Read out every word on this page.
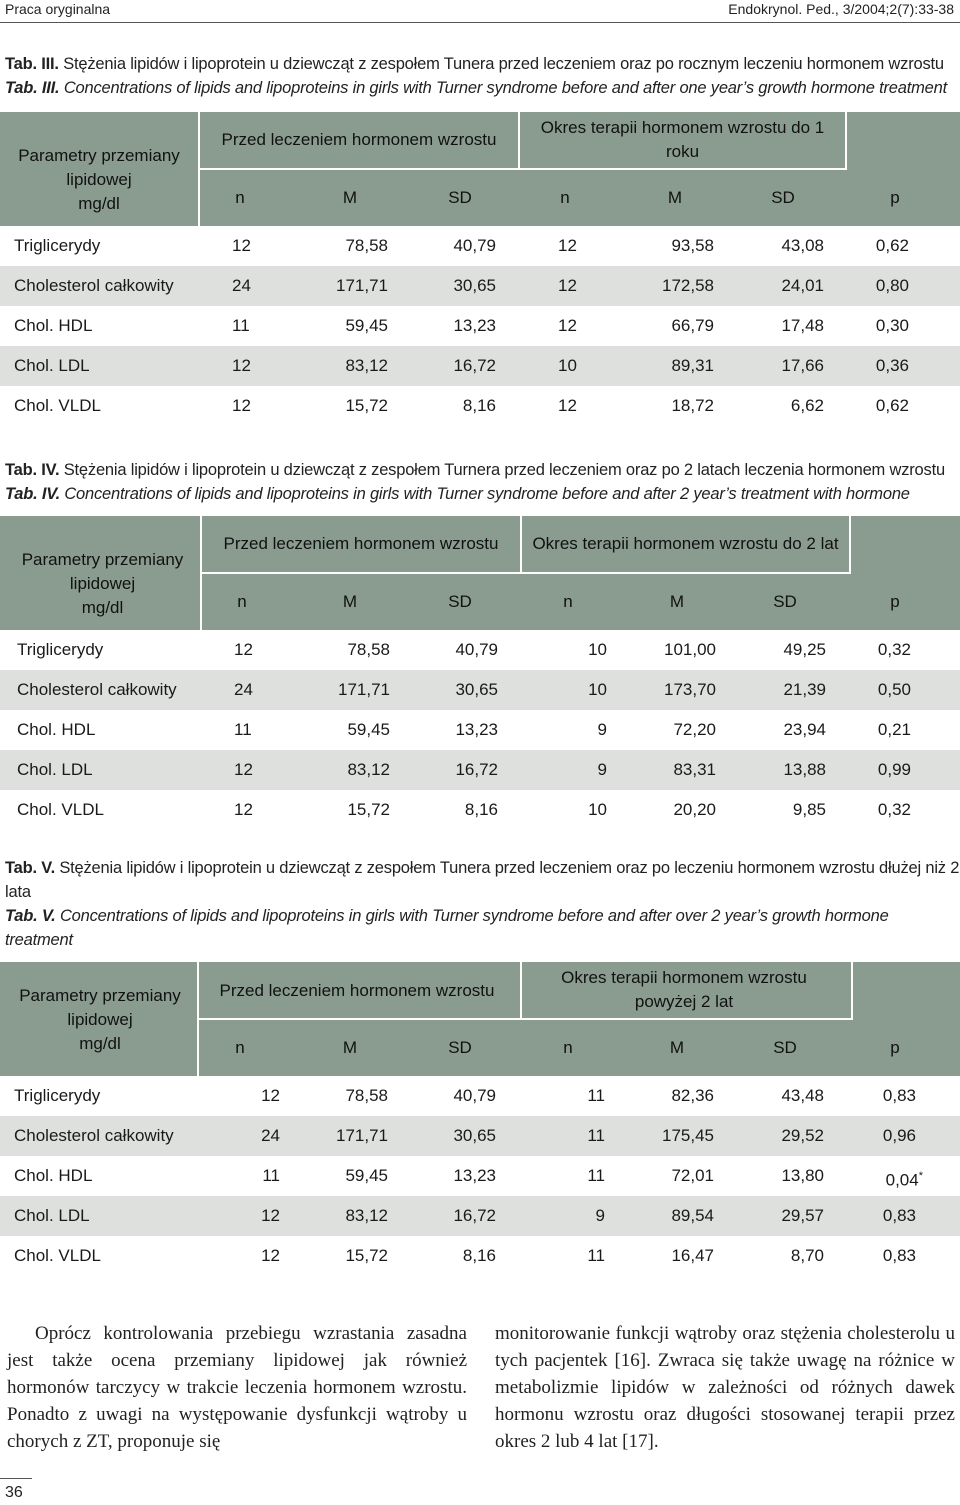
Praca oryginalna	Endokrynol. Ped., 3/2004;2(7):33-38
Tab. III. Stężenia lipidów i lipoprotein u dziewcząt z zespołem Tunera przed leczeniem oraz po rocznym leczeniu hormonem wzrostu
Tab. III. Concentrations of lipids and lipoproteins in girls with Turner syndrome before and after one year’s growth hormone treatment
Parametry przemiany
lipidowej
mg/dl
Przed leczeniem hormonem wzrostu
Okres terapii hormonem wzrostu do 1
roku
n	M	SD	n	M	SD	p
Triglicerydy	12	78,58	40,79	12	93,58	43,08	0,62
Cholesterol całkowity	24	171,71	30,65	12	172,58	24,01	0,80
Chol. HDL	11	59,45	13,23	12	66,79	17,48	0,30
Chol. LDL	12	83,12	16,72	10	89,31	17,66	0,36
Chol. VLDL	12	15,72	8,16	12	18,72	6,62	0,62
Tab. IV. Stężenia lipidów i lipoprotein u dziewcząt z zespołem Turnera przed leczeniem oraz po 2 latach leczenia hormonem wzrostu
Tab. IV. Concentrations of lipids and lipoproteins in girls with Turner syndrome before and after 2 year’s treatment with hormone
Parametry przemiany
lipidowej
mg/dl
Przed leczeniem hormonem wzrostu	Okres terapii hormonem wzrostu do 2 lat
n	M	SD	n	M	SD	p
Triglicerydy	12	78,58	40,79	10	101,00	49,25	0,32
Cholesterol całkowity	24	171,71	30,65	10	173,70	21,39	0,50
Chol. HDL	11	59,45	13,23	9	72,20	23,94	0,21
Chol. LDL	12	83,12	16,72	9	83,31	13,88	0,99
Chol. VLDL	12	15,72	8,16	10	20,20	9,85	0,32
Tab. V. Stężenia lipidów i lipoprotein u dziewcząt z zespołem Tunera przed leczeniem oraz po leczeniu hormonem wzrostu dłużej niż 2 lata
Tab. V. Concentrations of lipids and lipoproteins in girls with Turner syndrome before and after over 2 year’s growth hormone treatment
Parametry przemiany
lipidowej
mg/dl
Przed leczeniem hormonem wzrostu
Okres terapii hormonem wzrostu
powyżej 2 lat
n	M	SD	n	M	SD	p
Triglicerydy	12	78,58	40,79	11	82,36	43,48	0,83
Cholesterol całkowity	24	171,71	30,65	11	175,45	29,52	0,96
Chol. HDL	11	59,45	13,23	11	72,01	13,80	0,04*
Chol. LDL	12	83,12	16,72	9	89,54	29,57	0,83
Chol. VLDL	12	15,72	8,16	11	16,47	8,70	0,83
Oprócz kontrolowania przebiegu wzrastania zasadna jest także ocena przemiany lipidowej jak również hormonów tarczycy w trakcie leczenia hormonem wzrostu. Ponadto z uwagi na występowanie dysfunkcji wątroby u chorych z ZT, proponuje się
monitorowanie funkcji wątroby oraz stężenia cholesterolu u tych pacjentek [16]. Zwraca się także uwagę na różnice w metabolizmie lipidów w zależności od różnych dawek hormonu wzrostu oraz długości stosowanej terapii przez okres 2 lub 4 lat [17].
36
